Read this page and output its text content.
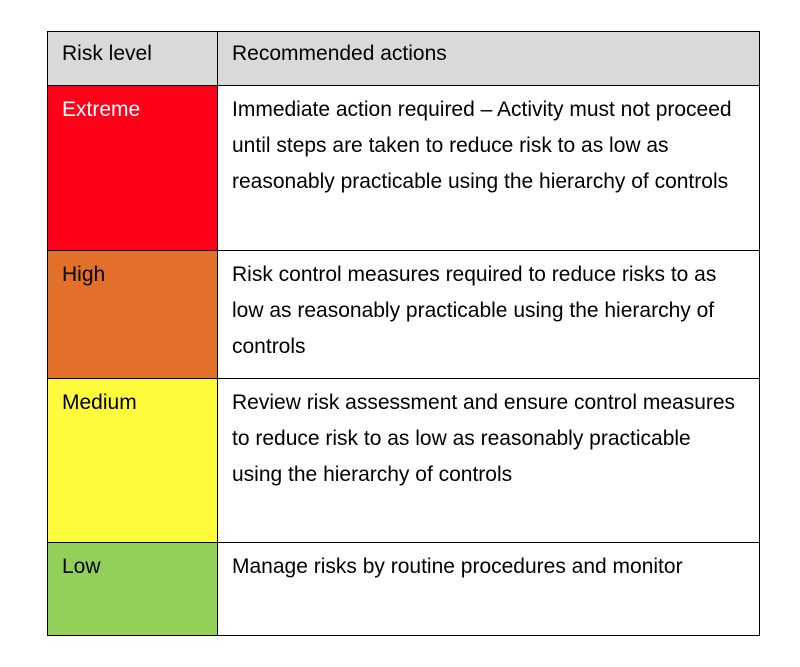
Risk level	Recommended actions
Extreme	Immediate action required – Activity must not proceed until steps are taken to reduce risk to as low as reasonably practicable using the hierarchy of controls
High	Risk control measures required to reduce risks to as low as reasonably practicable using the hierarchy of controls
Medium	Review risk assessment and ensure control measures to reduce risk to as low as reasonably practicable using the hierarchy of controls
Low	Manage risks by routine procedures and monitor
